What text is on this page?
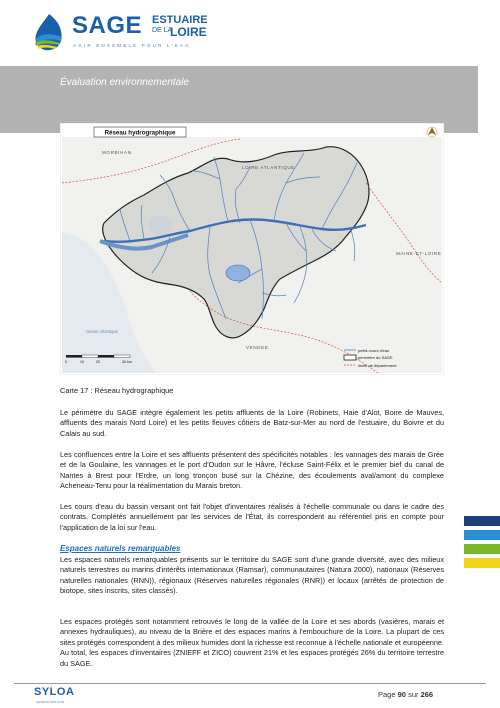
SAGE ESTUAIRE
DE LA
LOIRE
AGIR ENSEMBLE POUR L'EAU
Évaluation environnementale
Réseau hydrographique
MORBIHAN
LOIRE ATLANTIQUE
MAINE-ET-LOIRE
VENDEE
Océan Atlantique
0	10	20	30 km
petits cours d'eau
périmètre du SAGE
limite de département
Carte 17 : Réseau hydrographique

Le périmètre du SAGE intègre également les petits affluents de la Loire (Robinets, Haie d'Alot, Boire de Mauves, affluents des marais Nord Loire) et les petits fleuves côtiers de Batz-sur-Mer au nord de l'estuaire, du Boivre et du Calais au sud.

Les confluences entre la Loire et ses affluents présentent des spécificités notables : les vannages des marais de Grée et de la Goulaine, les vannages et le port d'Oudon sur le Hâvre, l'écluse Saint-Félix et le premier bief du canal de Nantes à Brest pour l'Erdre, un long tronçon busé sur la Chézine, des écoulements aval/amont du complexe Acheneau-Tenu pour la réalimentation du Marais breton.

Les cours d'eau du bassin versant ont fait l'objet d'inventaires réalisés à l'échelle communale ou dans le cadre des contrats. Complétés annuellement par les services de l'État, ils correspondent au référentiel pris en compte pour l'application de la loi sur l'eau.

Espaces naturels remarquables

Les espaces naturels remarquables présents sur le territoire du SAGE sont d'une grande diversité, avec des milieux naturels terrestres ou marins d'intérêts internationaux (Ramsar), communautaires (Natura 2000), nationaux (Réserves naturelles nationales (RNN)), régionaux (Réserves naturelles régionales (RNR)) et locaux (arrêtés de protection de biotope, sites inscrits, sites classés).

Les espaces protégés sont notamment retrouvés le long de la vallée de la Loire et ses abords (vasières, marais et annexes hydrauliques), au niveau de la Brière et des espaces marins à l'embouchure de la Loire. La plupart de ces sites protégés correspondent à des milieux humides dont la richesse est reconnue à l'échelle nationale et européenne. Au total, les espaces d'inventaires (ZNIEFF et ZICO) couvrent 21% et les espaces protégés 26% du territoire terrestre du SAGE.

SYLOA
syndicat loire aval
Page 90 sur 266
